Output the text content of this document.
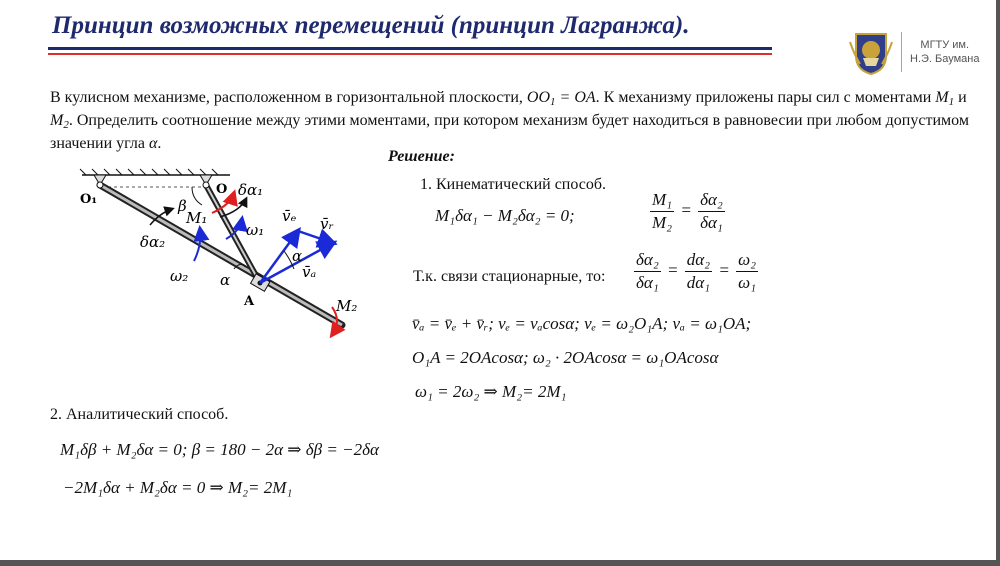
Принцип возможных перемещений (принцип Лагранжа).
МГТУ им.
Н.Э. Баумана
В кулисном механизме, расположенном в горизонтальной плоскости, $OO_1$ = OA. К механизму приложены пары сил с моментами $M_1$ и $M_2$. Определить соотношение между этими моментами, при котором механизм будет находиться в равновесии при любом допустимом значении угла α.
Решение:
O₁
O
A
β
δα₁
M₁
ω₁
δα₂
ω₂ α
α
v̄ₑ v̄ᵣ
v̄ₐ
M₂
1. Кинематический способ.
M₁δα₁ − M₂δα₂ = 0;	$\frac{\text{M₁}}{\text{M₂}} = \frac{\text{δα₂}}{\text{δα₁}}$
Т.к. связи стационарные, то: $\frac{\text{δα₂}}{\text{δα₁}} = \frac{\text{dα₂}}{\text{dα₁}} = \frac{\text{ω₂}}{\text{ω₁}}$
v̄ₐ = v̄ₑ + v̄ᵣ; vₑ = vₐcosα; vₑ = ω₂O₁A; vₐ = ω₁OA;
O₁A = 2OAcosα; ω₂ · 2OAcosα = ω₁OAcosα
ω₁ = 2ω₂ ⇒ M₂= 2M₁
2. Аналитический способ.
M₁δβ + M₂δα = 0; β = 180 − 2α ⇒ δβ = −2δα
−2M₁δα + M₂δα = 0 ⇒ M₂= 2M₁
